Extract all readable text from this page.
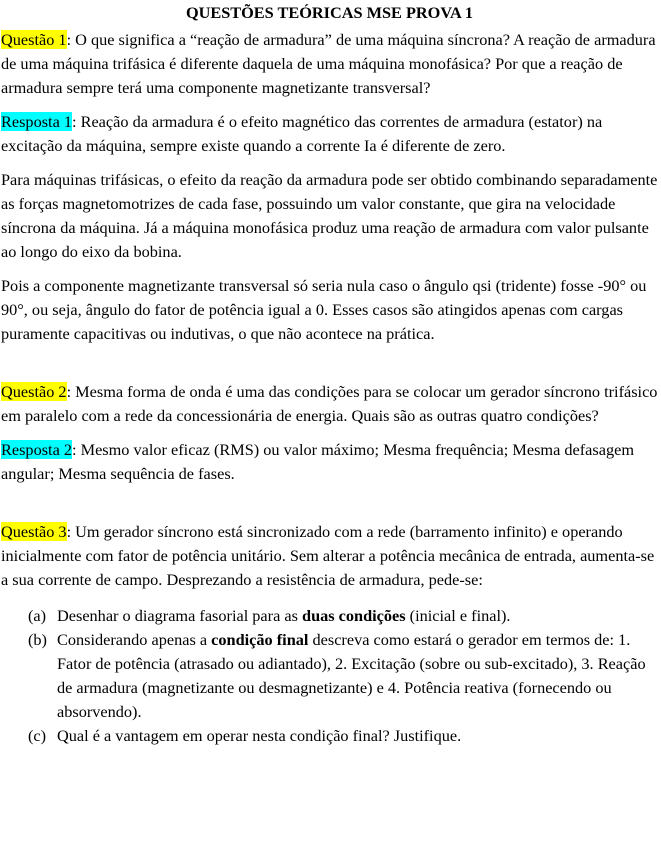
QUESTÕES TEÓRICAS MSE PROVA 1

Questão 1: O que significa a “reação de armadura” de uma máquina síncrona? A reação de armadura de uma máquina trifásica é diferente daquela de uma máquina monofásica? Por que a reação de armadura sempre terá uma componente magnetizante transversal?

Resposta 1: Reação da armadura é o efeito magnético das correntes de armadura (estator) na excitação da máquina, sempre existe quando a corrente Ia é diferente de zero.

Para máquinas trifásicas, o efeito da reação da armadura pode ser obtido combinando separadamente as forças magnetomotrizes de cada fase, possuindo um valor constante, que gira na velocidade síncrona da máquina. Já a máquina monofásica produz uma reação de armadura com valor pulsante ao longo do eixo da bobina.

Pois a componente magnetizante transversal só seria nula caso o ângulo qsi (tridente) fosse -90° ou 90°, ou seja, ângulo do fator de potência igual a 0. Esses casos são atingidos apenas com cargas puramente capacitivas ou indutivas, o que não acontece na prática.

Questão 2: Mesma forma de onda é uma das condições para se colocar um gerador síncrono trifásico em paralelo com a rede da concessionária de energia. Quais são as outras quatro condições?

Resposta 2: Mesmo valor eficaz (RMS) ou valor máximo; Mesma frequência; Mesma defasagem angular; Mesma sequência de fases.

Questão 3: Um gerador síncrono está sincronizado com a rede (barramento infinito) e operando inicialmente com fator de potência unitário. Sem alterar a potência mecânica de entrada, aumenta-se a sua corrente de campo. Desprezando a resistência de armadura, pede-se:

(a) Desenhar o diagrama fasorial para as duas condições (inicial e final).
(b) Considerando apenas a condição final descreva como estará o gerador em termos de: 1. Fator de potência (atrasado ou adiantado), 2. Excitação (sobre ou sub-excitado), 3. Reação de armadura (magnetizante ou desmagnetizante) e 4. Potência reativa (fornecendo ou absorvendo).
(c) Qual é a vantagem em operar nesta condição final? Justifique.
